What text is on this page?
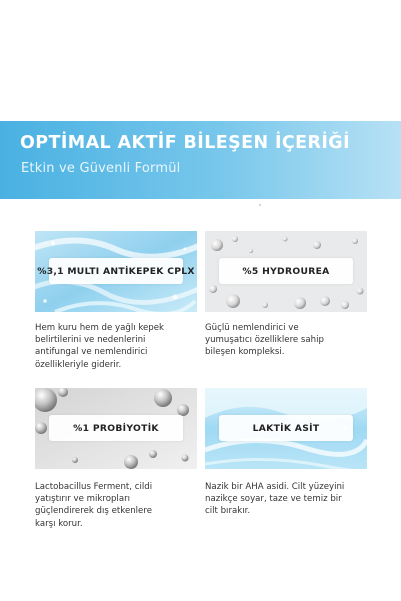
OPTİMAL AKTİF BİLEŞEN İÇERİĞİ
Etkin ve Güvenli Formül
%3,1 MULTI ANTİKEPEK CPLX
Hem kuru hem de yağlı kepek
belirtilerini ve nedenlerini
antifungal ve nemlendirici
özellikleriyle giderir.
%5 HYDROUREA
Güçlü nemlendirici ve
yumuşatıcı özelliklere sahip
bileşen kompleksi.
%1 PROBİYOTİK
Lactobacillus Ferment, cildi
yatıştırır ve mikropları
güçlendirerek dış etkenlere
karşı korur.
LAKTİK ASİT
Nazik bir AHA asidi. Cilt yüzeyini
nazikçe soyar, taze ve temiz bir
cilt bırakır.
